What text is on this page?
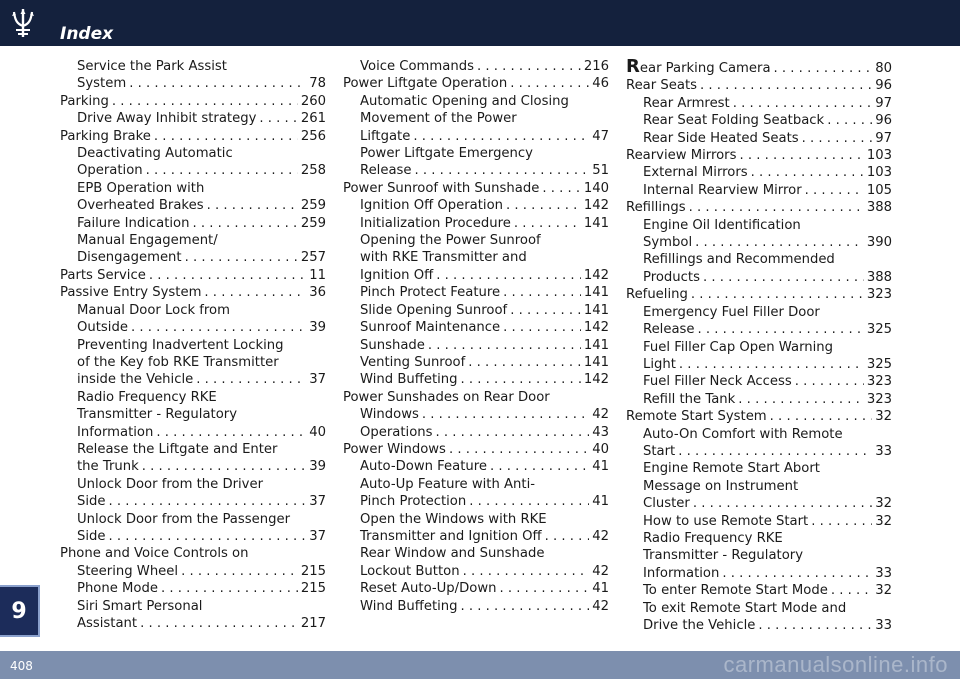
Index
Service the Park Assist
System . . .	78
Parking . . .	260
Drive Away Inhibit strategy . . .	261
Parking Brake . . .	256
Deactivating Automatic
Operation . . .	258
EPB Operation with
Overheated Brakes . . .	259
Failure Indication . . .	259
Manual Engagement/
Disengagement . . .	257
Parts Service . . .	11
Passive Entry System . . .	36
Manual Door Lock from
Outside . . .	39
Preventing Inadvertent Locking
of the Key fob RKE Transmitter
inside the Vehicle . . .	37
Radio Frequency RKE
Transmitter - Regulatory
Information . . .	40
Release the Liftgate and Enter
the Trunk . . .	39
Unlock Door from the Driver
Side . . .	37
Unlock Door from the Passenger
Side . . .	37
Phone and Voice Controls on
Steering Wheel . . .	215
Phone Mode . . .	215
Siri Smart Personal
Assistant . . .	217
Voice Commands . . .	216
Power Liftgate Operation . . .	46
Automatic Opening and Closing
Movement of the Power
Liftgate . . .	47
Power Liftgate Emergency
Release . . .	51
Power Sunroof with Sunshade . . .	140
Ignition Off Operation . . .	142
Initialization Procedure . . .	141
Opening the Power Sunroof
with RKE Transmitter and
Ignition Off . . .	142
Pinch Protect Feature . . .	141
Slide Opening Sunroof . . .	141
Sunroof Maintenance . . .	142
Sunshade . . .	141
Venting Sunroof . . .	141
Wind Buffeting . . .	142
Power Sunshades on Rear Door
Windows . . .	42
Operations . . .	43
Power Windows . . .	40
Auto-Down Feature . . .	41
Auto-Up Feature with Anti-
Pinch Protection . . .	41
Open the Windows with RKE
Transmitter and Ignition Off . . .	42
Rear Window and Sunshade
Lockout Button . . .	42
Reset Auto-Up/Down . . .	41
Wind Buffeting . . .	42
Rear Parking Camera . . .	80
Rear Seats . . .	96
Rear Armrest . . .	97
Rear Seat Folding Seatback . . .	96
Rear Side Heated Seats . . .	97
Rearview Mirrors . . .	103
External Mirrors . . .	103
Internal Rearview Mirror . . .	105
Refillings . . .	388
Engine Oil Identification
Symbol . . .	390
Refillings and Recommended
Products . . .	388
Refueling . . .	323
Emergency Fuel Filler Door
Release . . .	325
Fuel Filler Cap Open Warning
Light . . .	325
Fuel Filler Neck Access . . .	323
Refill the Tank . . .	323
Remote Start System . . .	32
Auto-On Comfort with Remote
Start . . .	33
Engine Remote Start Abort
Message on Instrument
Cluster . . .	32
How to use Remote Start . . .	32
Radio Frequency RKE
Transmitter - Regulatory
Information . . .	33
To enter Remote Start Mode . . .	32
To exit Remote Start Mode and
Drive the Vehicle . . .	33
9
408	carmanualsonline.info
